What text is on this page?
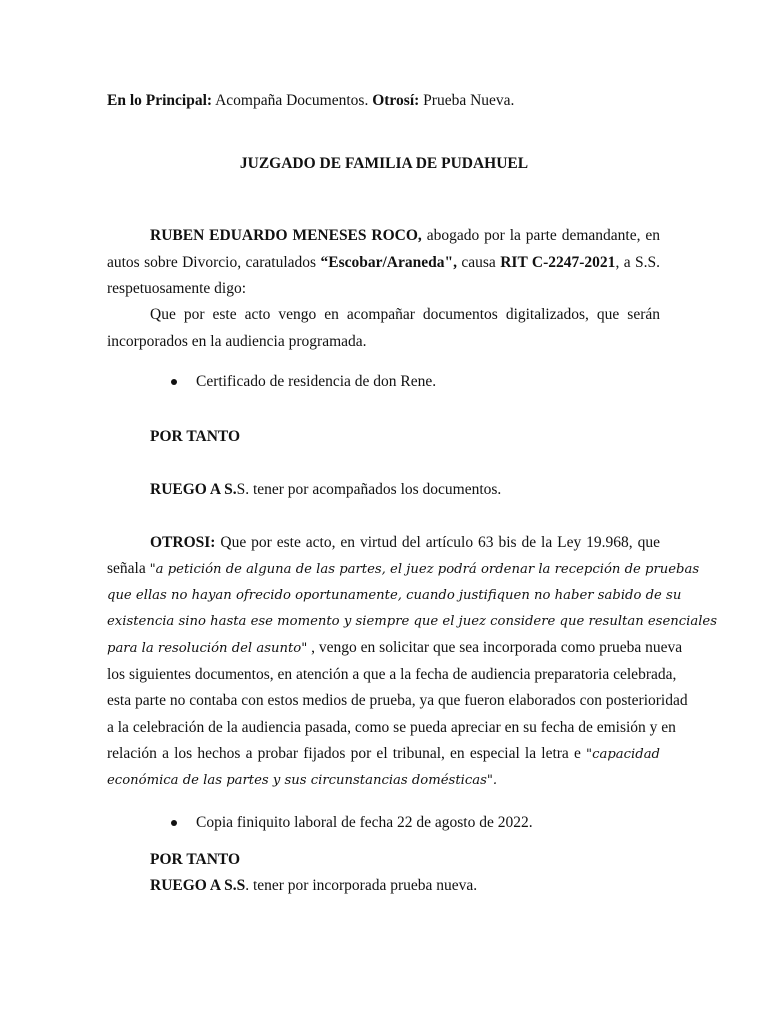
En lo Principal: Acompaña Documentos. Otrosí: Prueba Nueva.
JUZGADO DE FAMILIA DE PUDAHUEL
RUBEN EDUARDO MENESES ROCO, abogado por la parte demandante, en
autos sobre Divorcio, caratulados “Escobar/Araneda", causa RIT C-2247-2021, a S.S.
respetuosamente digo:
Que por este acto vengo en acompañar documentos digitalizados, que serán
incorporados en la audiencia programada.
Certificado de residencia de don Rene.
POR TANTO
RUEGO A S.S. tener por acompañados los documentos.
OTROSI: Que por este acto, en virtud del artículo 63 bis de la Ley 19.968, que
señala "a petición de alguna de las partes, el juez podrá ordenar la recepción de pruebas
que ellas no hayan ofrecido oportunamente, cuando justifiquen no haber sabido de su
existencia sino hasta ese momento y siempre que el juez considere que resultan esenciales
para la resolución del asunto" , vengo en solicitar que sea incorporada como prueba nueva
los siguientes documentos, en atención a que a la fecha de audiencia preparatoria celebrada,
esta parte no contaba con estos medios de prueba, ya que fueron elaborados con posterioridad
a la celebración de la audiencia pasada, como se pueda apreciar en su fecha de emisión y en
relación a los hechos a probar fijados por el tribunal, en especial la letra e "capacidad
económica de las partes y sus circunstancias domésticas".
Copia finiquito laboral de fecha 22 de agosto de 2022.
POR TANTO
RUEGO A S.S. tener por incorporada prueba nueva.
